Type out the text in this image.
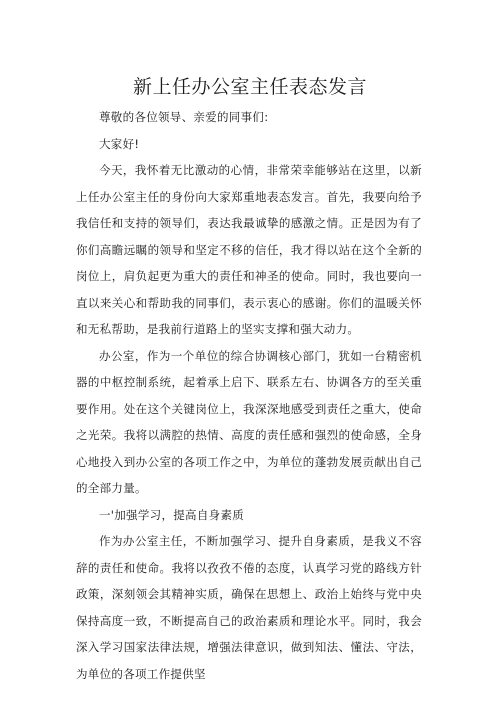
新上任办公室主任表态发言

尊敬的各位领导、亲爱的同事们:

大家好!

今天，我怀着无比激动的心情，非常荣幸能够站在这里，以新上任办公室主任的身份向大家郑重地表态发言。首先，我要向给予我信任和支持的领导们，表达我最诚挚的感激之情。正是因为有了你们高瞻远瞩的领导和坚定不移的信任，我才得以站在这个全新的岗位上，肩负起更为重大的责任和神圣的使命。同时，我也要向一直以来关心和帮助我的同事们，表示衷心的感谢。你们的温暖关怀和无私帮助，是我前行道路上的坚实支撑和强大动力。

办公室，作为一个单位的综合协调核心部门，犹如一台精密机器的中枢控制系统，起着承上启下、联系左右、协调各方的至关重要作用。处在这个关键岗位上，我深深地感受到责任之重大，使命之光荣。我将以满腔的热情、高度的责任感和强烈的使命感，全身心地投入到办公室的各项工作之中，为单位的蓬勃发展贡献出自己的全部力量。

一'加强学习，提高自身素质

作为办公室主任，不断加强学习、提升自身素质，是我义不容辞的责任和使命。我将以孜孜不倦的态度，认真学习党的路线方针政策，深刻领会其精神实质，确保在思想上、政治上始终与党中央保持高度一致，不断提高自己的政治素质和理论水平。同时，我会深入学习国家法律法规，增强法律意识，做到知法、懂法、守法，为单位的各项工作提供坚
